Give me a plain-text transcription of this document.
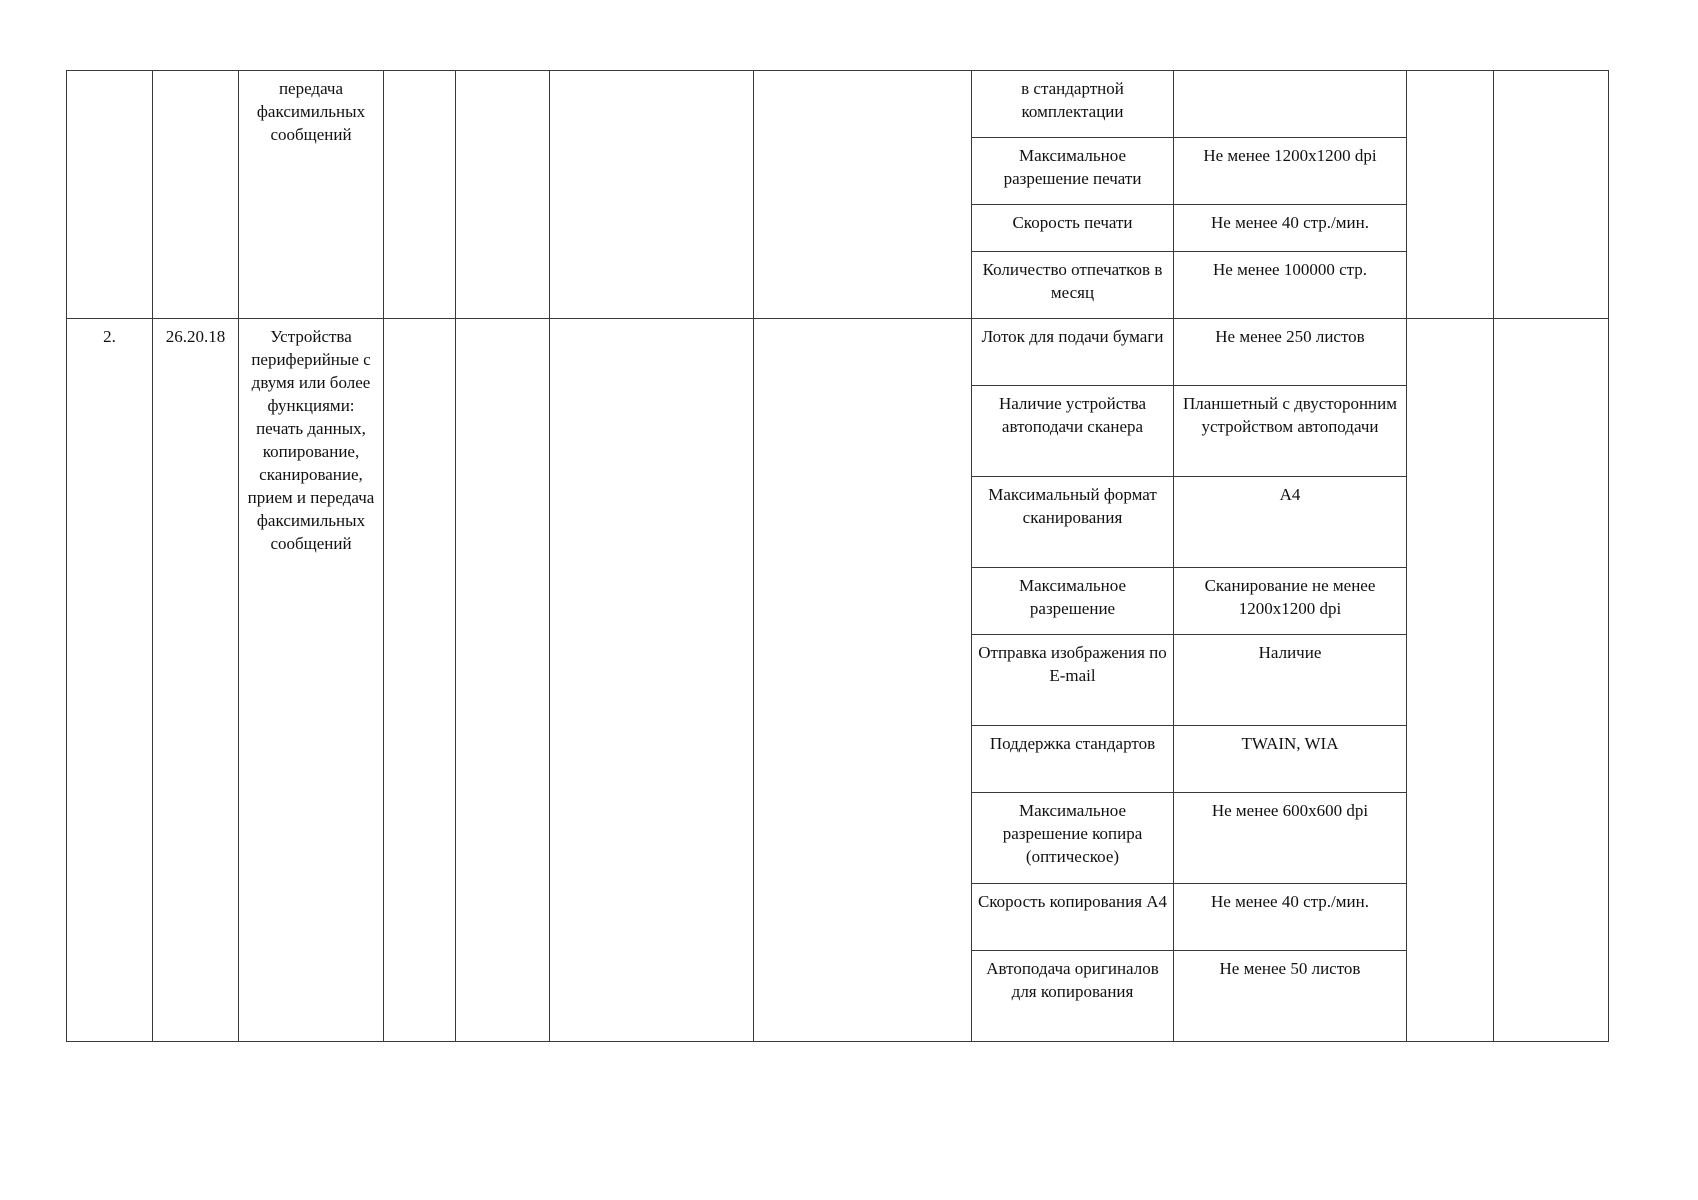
		передача факсимильных сообщений					в стандартной комплектации			
							Максимальное разрешение печати	Не менее 1200х1200 dpi		
							Скорость печати	Не менее 40 стр./мин.		
							Количество отпечатков в месяц	Не менее 100000 стр.		
2.	26.20.18	Устройства периферийные с двумя или более функциями: печать данных, копирование, сканирование, прием и передача факсимильных сообщений					Лоток для подачи бумаги	Не менее 250 листов		
							Наличие устройства автоподачи сканера	Планшетный с двусторонним устройством автоподачи		
							Максимальный формат сканирования	А4		
							Максимальное разрешение	Сканирование не менее 1200х1200 dpi		
							Отправка изображения по E-mail	Наличие		
							Поддержка стандартов	TWAIN, WIA		
							Максимальное разрешение копира (оптическое)	Не менее 600х600 dpi		
							Скорость копирования А4	Не менее 40 стр./мин.		
							Автоподача оригиналов для копирования	Не менее 50 листов		
